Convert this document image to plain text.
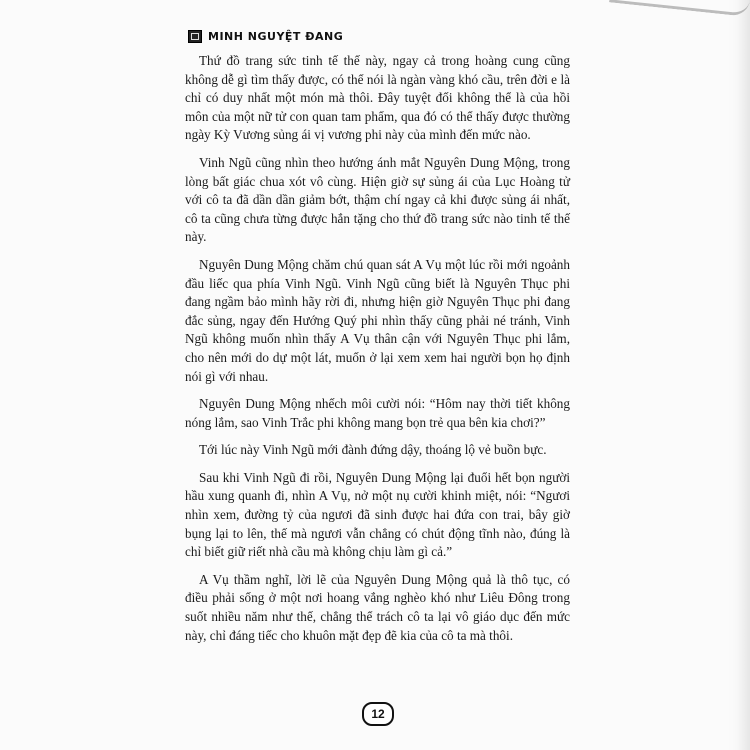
MINH NGUYỆT ĐANG

Thứ đồ trang sức tinh tế thế này, ngay cả trong hoàng cung cũng không dễ gì tìm thấy được, có thể nói là ngàn vàng khó cầu, trên đời e là chỉ có duy nhất một món mà thôi. Đây tuyệt đối không thể là của hồi môn của một nữ tử con quan tam phẩm, qua đó có thể thấy được thường ngày Kỳ Vương sủng ái vị vương phi này của mình đến mức nào.

Vinh Ngũ cũng nhìn theo hướng ánh mắt Nguyên Dung Mộng, trong lòng bất giác chua xót vô cùng. Hiện giờ sự sủng ái của Lục Hoàng tử với cô ta đã dần dần giảm bớt, thậm chí ngay cả khi được sủng ái nhất, cô ta cũng chưa từng được hắn tặng cho thứ đồ trang sức nào tinh tế thế này.

Nguyên Dung Mộng chăm chú quan sát A Vụ một lúc rồi mới ngoảnh đầu liếc qua phía Vinh Ngũ. Vinh Ngũ cũng biết là Nguyên Thục phi đang ngầm bảo mình hãy rời đi, nhưng hiện giờ Nguyên Thục phi đang đắc sủng, ngay đến Hướng Quý phi nhìn thấy cũng phải né tránh, Vinh Ngũ không muốn nhìn thấy A Vụ thân cận với Nguyên Thục phi lắm, cho nên mới do dự một lát, muốn ở lại xem xem hai người bọn họ định nói gì với nhau.

Nguyên Dung Mộng nhếch môi cười nói: “Hôm nay thời tiết không nóng lắm, sao Vinh Trắc phi không mang bọn trẻ qua bên kia chơi?”

Tới lúc này Vinh Ngũ mới đành đứng dậy, thoáng lộ vẻ buồn bực.

Sau khi Vinh Ngũ đi rồi, Nguyên Dung Mộng lại đuổi hết bọn người hầu xung quanh đi, nhìn A Vụ, nở một nụ cười khinh miệt, nói: “Ngươi nhìn xem, đường tỷ của ngươi đã sinh được hai đứa con trai, bây giờ bụng lại to lên, thế mà ngươi vẫn chẳng có chút động tĩnh nào, đúng là chỉ biết giữ riết nhà cầu mà không chịu làm gì cả.”

A Vụ thầm nghĩ, lời lẽ của Nguyên Dung Mộng quả là thô tục, có điều phải sống ở một nơi hoang vắng nghèo khó như Liêu Đông trong suốt nhiều năm như thế, chẳng thể trách cô ta lại vô giáo dục đến mức này, chỉ đáng tiếc cho khuôn mặt đẹp đẽ kia của cô ta mà thôi.

12
